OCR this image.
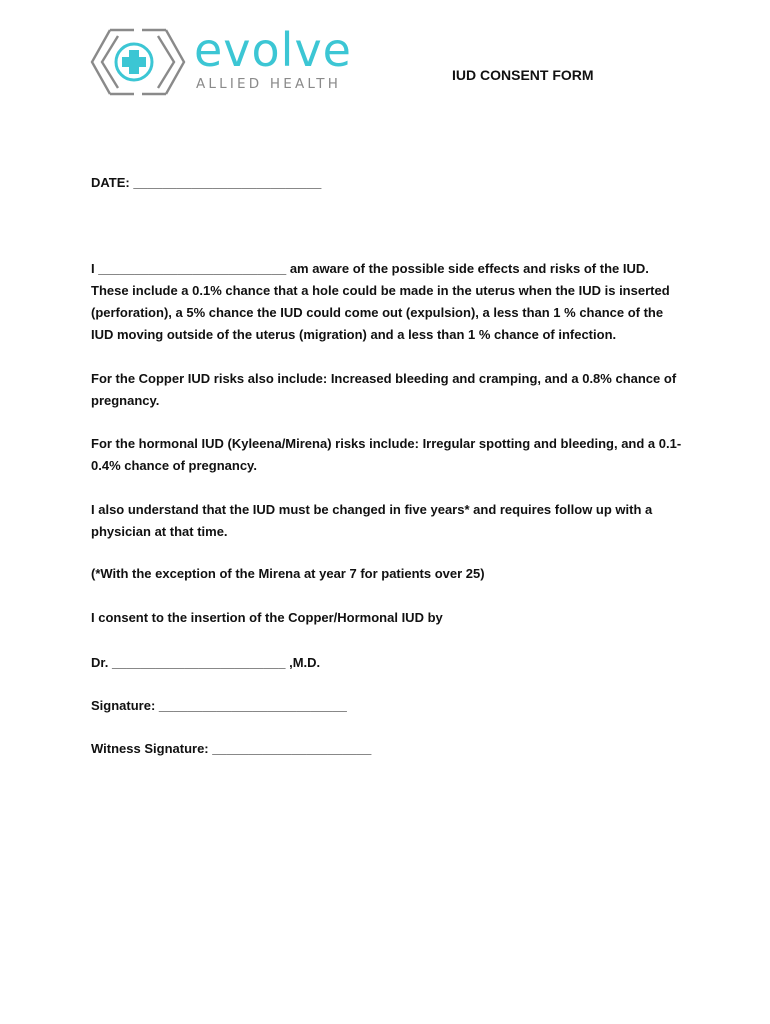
evolve
ALLIED HEALTH
IUD CONSENT FORM
DATE: __________________________
I __________________________ am aware of the possible side effects and risks of the IUD. These include a 0.1% chance that a hole could be made in the uterus when the IUD is inserted (perforation), a 5% chance the IUD could come out (expulsion), a less than 1 % chance of the IUD moving outside of the uterus (migration) and a less than 1 % chance of infection.
For the Copper IUD risks also include: Increased bleeding and cramping, and a 0.8% chance of pregnancy.
For the hormonal IUD (Kyleena/Mirena) risks include: Irregular spotting and bleeding, and a 0.1-0.4% chance of pregnancy.
I also understand that the IUD must be changed in five years* and requires follow up with a physician at that time.
(*With the exception of the Mirena at year 7 for patients over 25)
I consent to the insertion of the Copper/Hormonal IUD by
Dr. ________________________ ,M.D.
Signature: __________________________
Witness Signature: ______________________
